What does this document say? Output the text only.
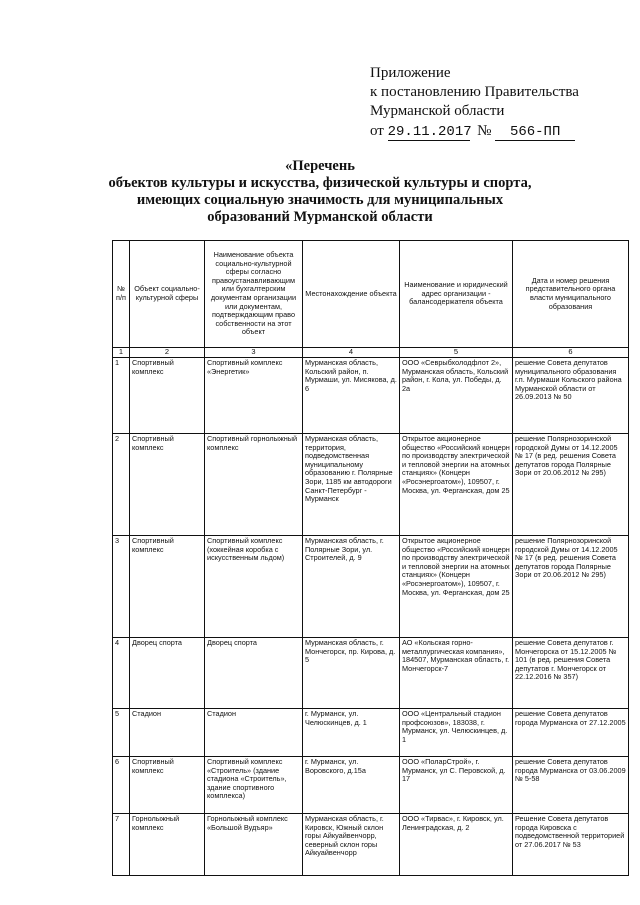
Приложение
к постановлению Правительства
Мурманской области
от 29.11.2017 № 566-ПП
«Перечень
объектов культуры и искусства, физической культуры и спорта,
имеющих социальную значимость для муниципальных
образований Мурманской области
№ п/п	Объект социально-культурной сферы	Наименование объекта социально-культурной сферы согласно правоустанавливающим или бухгалтерским документам организации или документам, подтверждающим право собственности на этот объект	Местонахождение объекта	Наименование и юридический адрес организации - балансодержателя объекта	Дата и номер решения представительного органа власти муниципального образования
1	2	3	4	5	6
1	Спортивный комплекс	Спортивный комплекс «Энергетик»	Мурманская область, Кольский район, п. Мурмаши, ул. Мисякова, д. 6	ООО «Севрыбхолодфлот 2», Мурманская область, Кольский район, г. Кола, ул. Победы, д. 2а	решение Совета депутатов муниципального образования г.п. Мурмаши Кольского района Мурманской области от 26.09.2013 № 50
2	Спортивный комплекс	Спортивный горнолыжный комплекс	Мурманская область, территория, подведомственная муниципальному образованию г. Полярные Зори, 1185 км автодороги Санкт-Петербург - Мурманск	Открытое акционерное общество «Российский концерн по производству электрической и тепловой энергии на атомных станциях» (Концерн «Росэнергоатом»), 109507, г. Москва, ул. Ферганская, дом 25	решение Полярнозоринской городской Думы от 14.12.2005 № 17 (в ред. решения Совета депутатов города Полярные Зори от 20.06.2012 № 295)
3	Спортивный комплекс	Спортивный комплекс (хоккейная коробка с искусственным льдом)	Мурманская область, г. Полярные Зори, ул. Строителей, д. 9	Открытое акционерное общество «Российский концерн по производству электрической и тепловой энергии на атомных станциях» (Концерн «Росэнергоатом»), 109507, г. Москва, ул. Ферганская, дом 25	решение Полярнозоринской городской Думы от 14.12.2005 № 17 (в ред. решения Совета депутатов города Полярные Зори от 20.06.2012 № 295)
4	Дворец спорта	Дворец спорта	Мурманская область, г. Мончегорск, пр. Кирова, д. 5	АО «Кольская горно-металлургическая компания», 184507, Мурманская область, г. Мончегорск-7	решение Совета депутатов г. Мончегорска от 15.12.2005 № 101 (в ред. решения Совета депутатов г. Мончегорск от 22.12.2016 № 357)
5	Стадион	Стадион	г. Мурманск, ул. Челюскинцев, д. 1	ООО «Центральный стадион профсоюзов», 183038, г. Мурманск, ул. Челюскинцев, д. 1	решение Совета депутатов города Мурманска от 27.12.2005
6	Спортивный комплекс	Спортивный комплекс «Строитель» (здание стадиона «Строитель», здание спортивного комплекса)	г. Мурманск, ул. Воровского, д.15а	ООО «ПоларСтрой», г. Мурманск, ул С. Перовской, д. 17	решение Совета депутатов города Мурманска от 03.06.2009 № 5-58
7	Горнолыжный комплекс	Горнолыжный комплекс «Большой Вудъяр»	Мурманская область, г. Кировск, Южный склон горы Айкуайвенчорр, северный склон горы Айкуайвенчорр	ООО «Тирвас», г. Кировск, ул. Ленинградская, д. 2	Решение Совета депутатов города Кировска с подведомственной территорией от 27.06.2017 № 53
